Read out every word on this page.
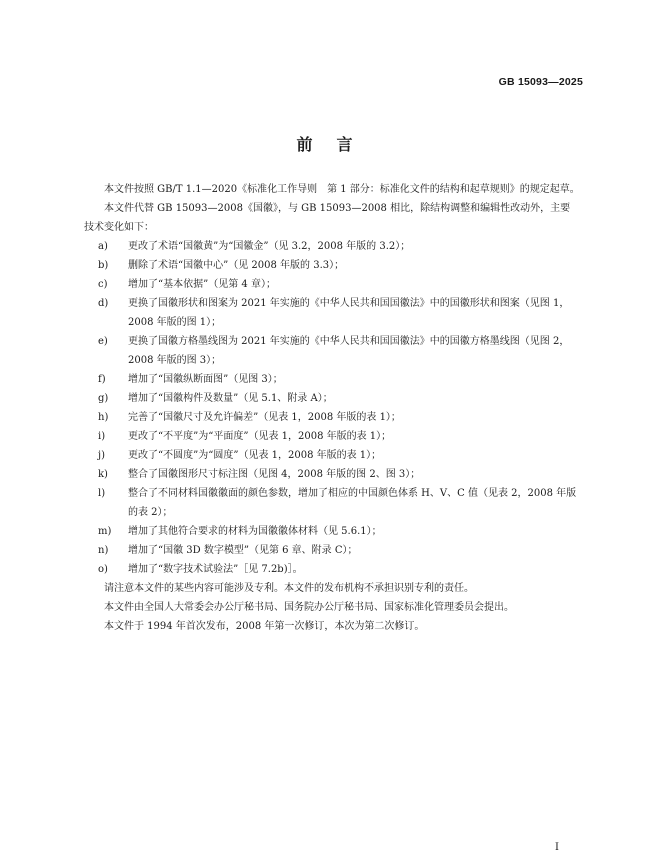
GB 15093—2025
前言

本文件按照 GB/T 1.1—2020《标准化工作导则　第 1 部分：标准化文件的结构和起草规则》的规定起草。

本文件代替 GB 15093—2008《国徽》，与 GB 15093—2008 相比，除结构调整和编辑性改动外，主要技术变化如下：

a)	更改了术语“国徽黄”为“国徽金”（见 3.2，2008 年版的 3.2）；
b)	删除了术语“国徽中心”（见 2008 年版的 3.3）；
c)	增加了“基本依据”（见第 4 章）；
d)	更换了国徽形状和图案为 2021 年实施的《中华人民共和国国徽法》中的国徽形状和图案（见图 1，2008 年版的图 1）；
e)	更换了国徽方格墨线图为 2021 年实施的《中华人民共和国国徽法》中的国徽方格墨线图（见图 2，2008 年版的图 3）；
f)	增加了“国徽纵断面图”（见图 3）；
g)	增加了“国徽构件及数量”（见 5.1、附录 A）；
h)	完善了“国徽尺寸及允许偏差”（见表 1，2008 年版的表 1）；
i)	更改了“不平度”为“平面度”（见表 1，2008 年版的表 1）；
j)	更改了“不圆度”为“圆度”（见表 1，2008 年版的表 1）；
k)	整合了国徽图形尺寸标注图（见图 4，2008 年版的图 2、图 3）；
l)	整合了不同材料国徽徽面的颜色参数，增加了相应的中国颜色体系 H、V、C 值（见表 2，2008 年版的表 2）；
m)	增加了其他符合要求的材料为国徽徽体材料（见 5.6.1）；
n)	增加了“国徽 3D 数字模型”（见第 6 章、附录 C）；
o)	增加了“数字技术试验法”［见 7.2b)］。

请注意本文件的某些内容可能涉及专利。本文件的发布机构不承担识别专利的责任。

本文件由全国人大常委会办公厅秘书局、国务院办公厅秘书局、国家标准化管理委员会提出。

本文件于 1994 年首次发布，2008 年第一次修订，本次为第二次修订。

I
